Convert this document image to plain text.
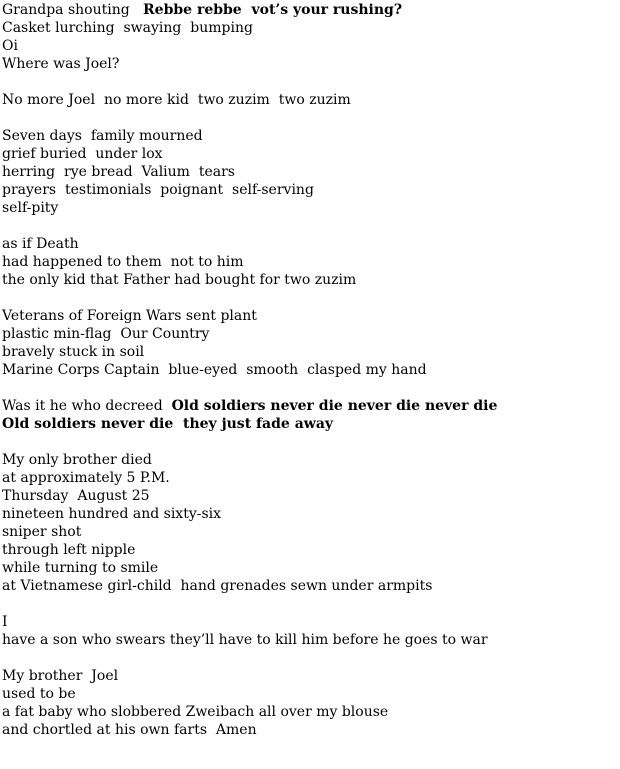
Grandpa shouting   Rebbe rebbe  vot’s your rushing?
Casket lurching  swaying  bumping
Oi
Where was Joel?
No more Joel  no more kid  two zuzim  two zuzim
Seven days  family mourned
grief buried  under lox
herring  rye bread  Valium  tears
prayers  testimonials  poignant  self-serving
self-pity
as if Death
had happened to them  not to him
the only kid that Father had bought for two zuzim
Veterans of Foreign Wars sent plant
plastic min-flag  Our Country
bravely stuck in soil
Marine Corps Captain  blue-eyed  smooth  clasped my hand
Was it he who decreed  Old soldiers never die never die never die
Old soldiers never die  they just fade away
My only brother died
at approximately 5 P.M.
Thursday  August 25
nineteen hundred and sixty-six
sniper shot
through left nipple
while turning to smile
at Vietnamese girl-child  hand grenades sewn under armpits
I
have a son who swears they’ll have to kill him before he goes to war
My brother  Joel
used to be
a fat baby who slobbered Zweibach all over my blouse
and chortled at his own farts  Amen
